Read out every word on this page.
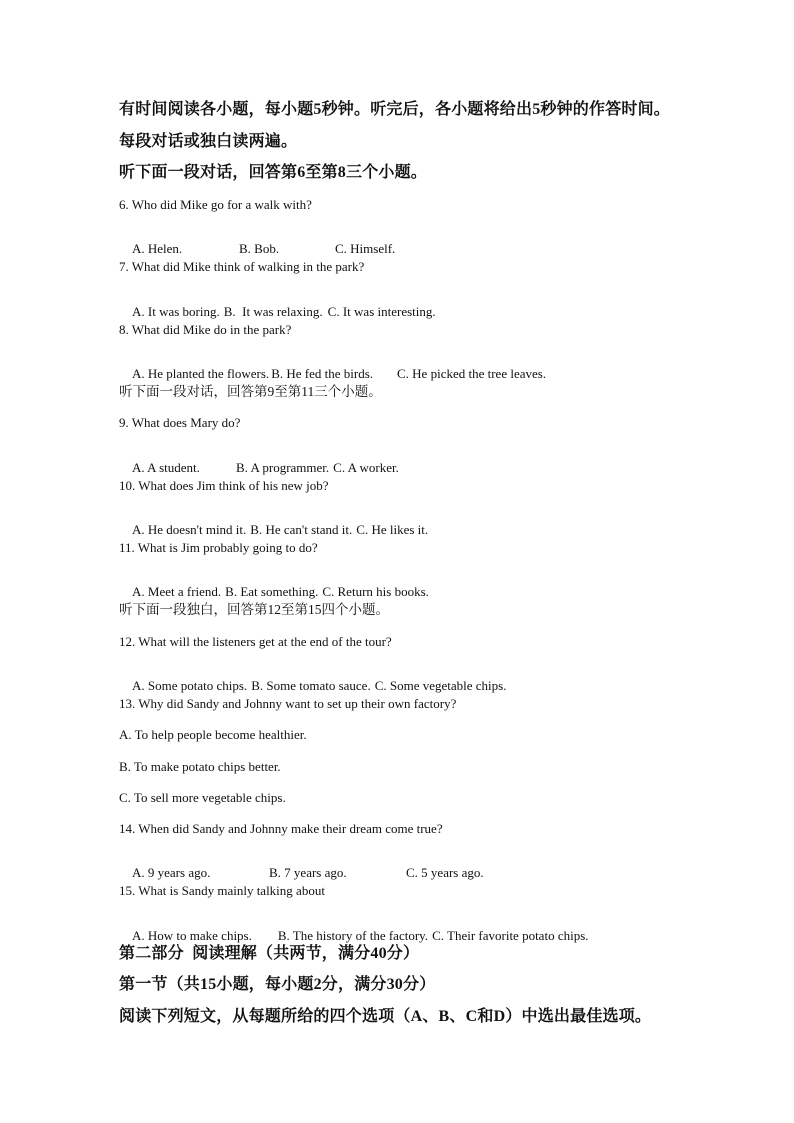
有时间阅读各小题，每小题5秒钟。听完后，各小题将给出5秒钟的作答时间。
每段对话或独白读两遍。
听下面一段对话，回答第6至第8三个小题。
6. Who did Mike go for a walk with?

A. Helen.	B. Bob.	C. Himself.

7. What did Mike think of walking in the park?

A. It was boring. B.  It was relaxing. C. It was interesting.

8. What did Mike do in the park?

A. He planted the flowers. B. He fed the birds. C. He picked the tree leaves.

听下面一段对话，回答第9至第11三个小题。
9. What does Mary do?

A. A student.	B. A programmer. C. A worker.

10. What does Jim think of his new job?

A. He doesn't mind it. B. He can't stand it. C. He likes it.

11. What is Jim probably going to do?

A. Meet a friend. B. Eat something. C. Return his books.

听下面一段独白，回答第12至第15四个小题。
12. What will the listeners get at the end of the tour?

A. Some potato chips. B. Some tomato sauce. C. Some vegetable chips.

13. Why did Sandy and Johnny want to set up their own factory?
A. To help people become healthier.
B. To make potato chips better.
C. To sell more vegetable chips.
14. When did Sandy and Johnny make their dream come true?

A. 9 years ago.	B. 7 years ago.	C. 5 years ago.

15. What is Sandy mainly talking about

A. How to make chips. B. The history of the factory. C. Their favorite potato chips.

第二部分  阅读理解（共两节，满分40分）
第一节（共15小题，每小题2分，满分30分）
阅读下列短文，从每题所给的四个选项（A、B、C和D）中选出最佳选项。
